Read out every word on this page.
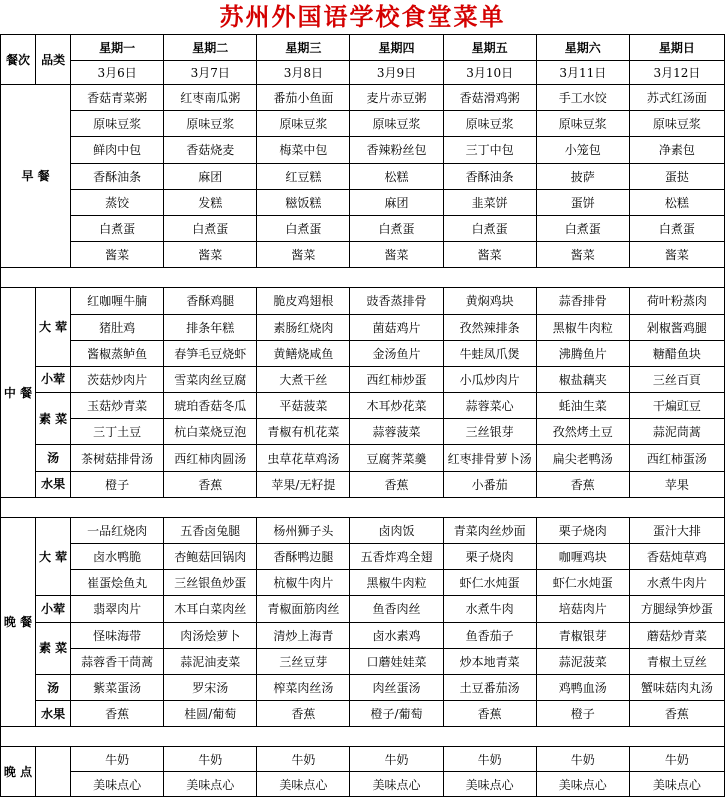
苏州外国语学校食堂菜单
餐次	品类	星期一	星期二	星期三	星期四	星期五	星期六	星期日
		3月6日	3月7日	3月8日	3月9日	3月10日	3月11日	3月12日
早 餐		香菇青菜粥	红枣南瓜粥	番茄小鱼面	麦片赤豆粥	香菇滑鸡粥	手工水饺	苏式红汤面
		原味豆浆	原味豆浆	原味豆浆	原味豆浆	原味豆浆	原味豆浆	原味豆浆
		鲜肉中包	香菇烧麦	梅菜中包	香辣粉丝包	三丁中包	小笼包	净素包
		香酥油条	麻团	红豆糕	松糕	香酥油条	披萨	蛋挞
		蒸饺	发糕	糍饭糕	麻团	韭菜饼	蛋饼	松糕
		白煮蛋	白煮蛋	白煮蛋	白煮蛋	白煮蛋	白煮蛋	白煮蛋
		酱菜	酱菜	酱菜	酱菜	酱菜	酱菜	酱菜

中 餐	大 荤	红咖喱牛腩	香酥鸡腿	脆皮鸡翅根	豉香蒸排骨	黄焖鸡块	蒜香排骨	荷叶粉蒸肉
		猪肚鸡	排条年糕	素肠红烧肉	菌菇鸡片	孜然辣排条	黑椒牛肉粒	剁椒酱鸡腿
		酱椒蒸鲈鱼	春笋毛豆烧虾	黄鳝烧咸鱼	金汤鱼片	牛蛙凤爪煲	沸腾鱼片	糖醋鱼块
	小荤	茨菇炒肉片	雪菜肉丝豆腐	大煮干丝	西红柿炒蛋	小瓜炒肉片	椒盐藕夹	三丝百頁
	素 菜	玉菇炒青菜	琥珀香菇冬瓜	平菇菠菜	木耳炒花菜	蒜蓉菜心	蚝油生菜	干煸豇豆
		三丁土豆	杭白菜烧豆泡	青椒有机花菜	蒜蓉菠菜	三丝银芽	孜然烤土豆	蒜泥茼蒿
	汤	茶树菇排骨汤	西红柿肉圆汤	虫草花草鸡汤	豆腐荠菜羹	红枣排骨萝卜汤	扁尖老鸭汤	西红柿蛋汤
	水果	橙子	香蕉	苹果/无籽提	香蕉	小番茄	香蕉	苹果

晚 餐	大 荤	一品红烧肉	五香卤兔腿	杨州狮子头	卤肉饭	青菜肉丝炒面	栗子烧肉	蛋汁大排
		卤水鸭脆	杏鲍菇回锅肉	香酥鸭边腿	五香炸鸡全翅	栗子烧肉	咖喱鸡块	香菇炖草鸡
		崔蛋烩鱼丸	三丝银鱼炒蛋	杭椒牛肉片	黑椒牛肉粒	虾仁水炖蛋	虾仁水炖蛋	水煮牛肉片
	小荤	翡翠肉片	木耳白菜肉丝	青椒面筋肉丝	鱼香肉丝	水煮牛肉	培菇肉片	方腿绿笋炒蛋
	素 菜	怪味海带	肉汤烩萝卜	清炒上海青	卤水素鸡	鱼香茄子	青椒银芽	蘑菇炒青菜
		蒜蓉香干茼蒿	蒜泥油麦菜	三丝豆芽	口蘑娃娃菜	炒本地青菜	蒜泥菠菜	青椒土豆丝
	汤	紫菜蛋汤	罗宋汤	榨菜肉丝汤	肉丝蛋汤	土豆番茄汤	鸡鸭血汤	蟹味菇肉丸汤
	水果	香蕉	桂圆/葡萄	香蕉	橙子/葡萄	香蕉	橙子	香蕉

晚 点		牛奶	牛奶	牛奶	牛奶	牛奶	牛奶	牛奶
		美味点心	美味点心	美味点心	美味点心	美味点心	美味点心	美味点心
